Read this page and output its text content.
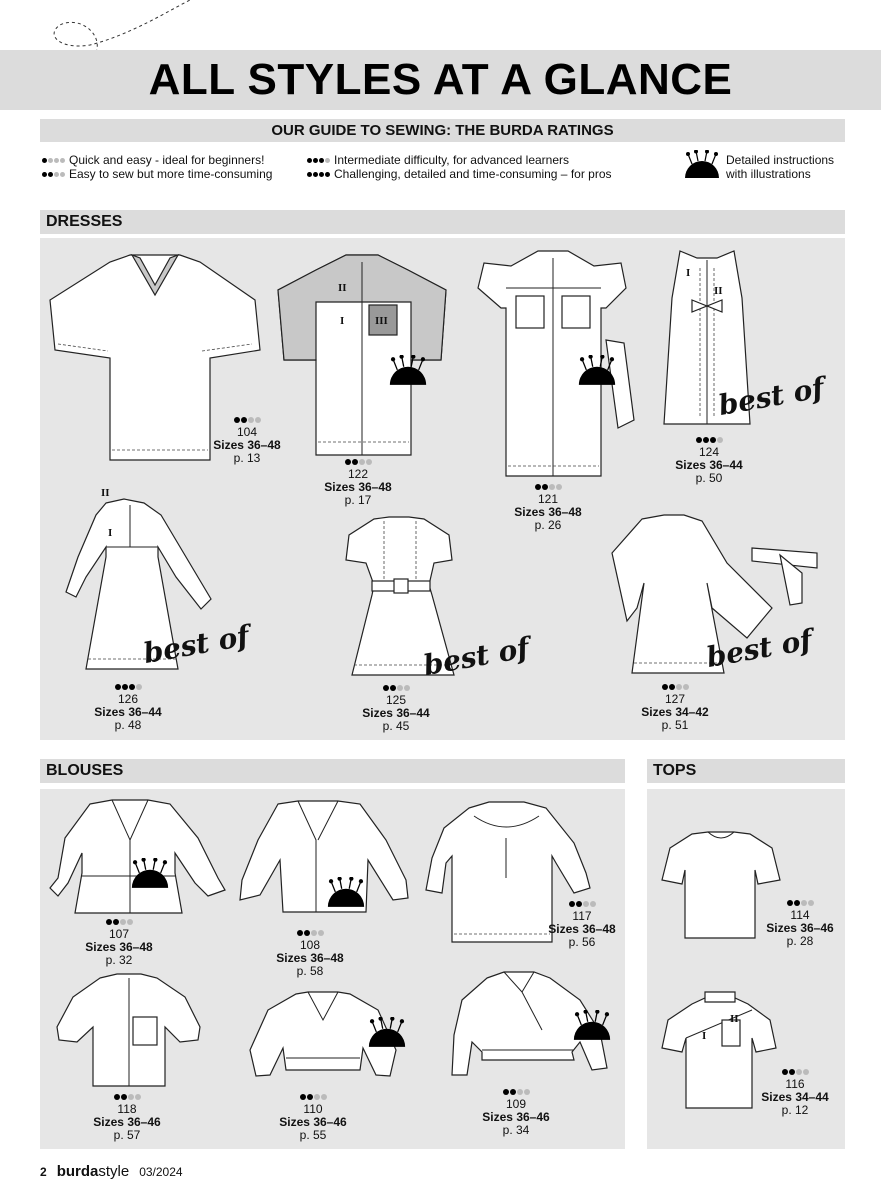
ALL STYLES AT A GLANCE
OUR GUIDE TO SEWING: THE BURDA RATINGS
Quick and easy - ideal for beginners!
Easy to sew but more time-consuming
Intermediate difficulty, for advanced learners
Challenging, detailed and time-consuming – for pros
Detailed instructions
with illustrations
DRESSES
104
Sizes 36–48
p. 13
II
I	III
122
Sizes 36–48
p. 17	121
Sizes 36–48
p. 26
I
II
best of
124
Sizes 36–44
p. 50
II
I
best of
126
Sizes 36–44
p. 48
best of
125
Sizes 36–44
p. 45
best of
127
Sizes 34–42
p. 51
BLOUSES
107
Sizes 36–48
p. 32
108
Sizes 36–48
p. 58
117
Sizes 36–48
p. 56
118
Sizes 36–46
p. 57
110
Sizes 36–46
p. 55
109
Sizes 36–46
p. 34
TOPS
114
Sizes 36–46
p. 28
I
II
116
Sizes 34–44
p. 12
2 burdastyle 03/2024
